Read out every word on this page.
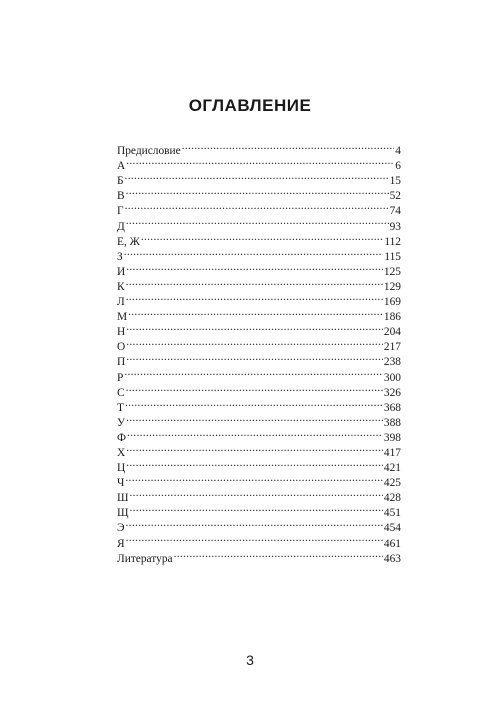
ОГЛАВЛЕНИЕ
Предисловие .....	4
А .....	6
Б .....	15
В .....	52
Г .....	74
Д .....	93
Е, Ж .....	112
З .....	115
И .....	125
К .....	129
Л .....	169
М .....	186
Н .....	204
О .....	217
П .....	238
Р .....	300
С .....	326
Т .....	368
У .....	388
Ф .....	398
Х .....	417
Ц .....	421
Ч .....	425
Ш .....	428
Щ .....	451
Э .....	454
Я .....	461
Литература .....	463
3
